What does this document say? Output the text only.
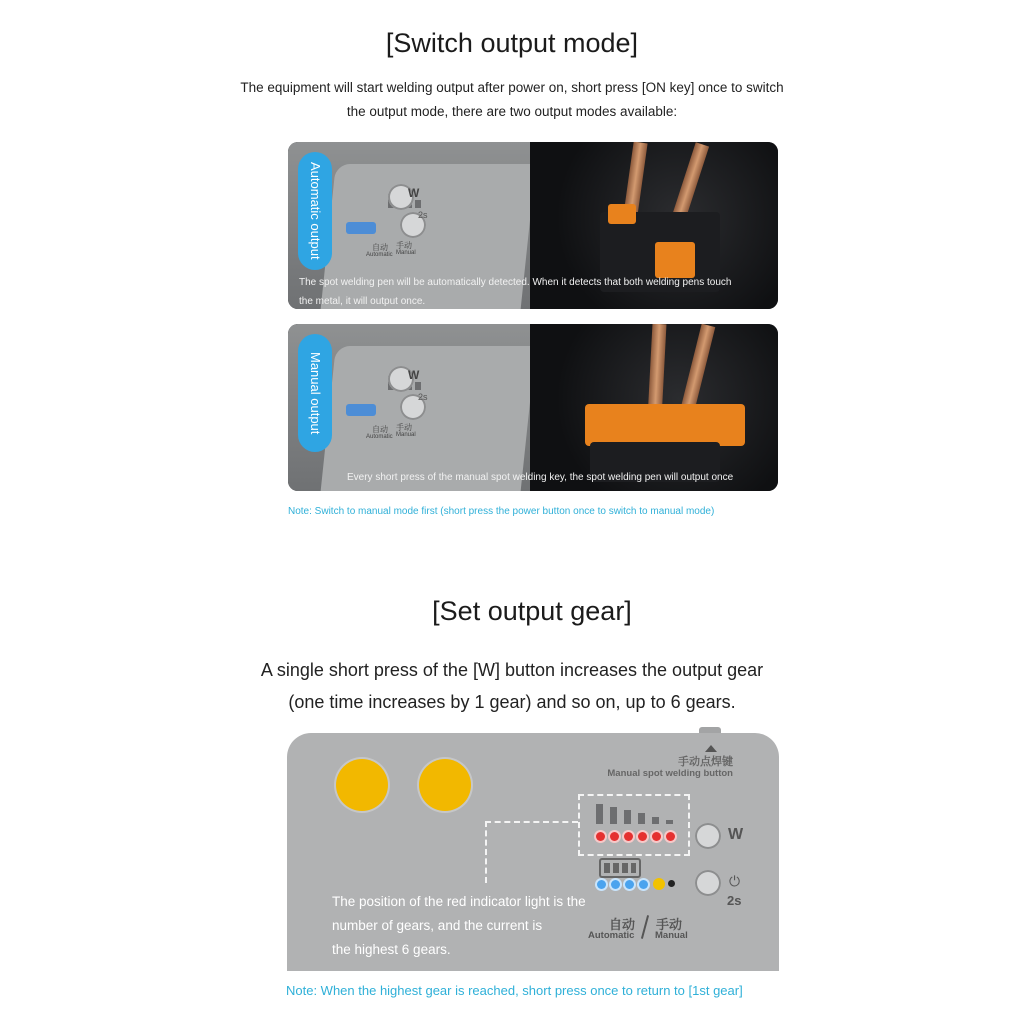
[Switch output mode]
The equipment will start welding output after power on, short press [ON key] once to switch
the output mode, there are two output modes available:
W
2s
自动 手动
Automatic Manual
Automatic output
The spot welding pen will be automatically detected. When it detects that both welding pens touch
the metal, it will output once.
W
2s
自动 手动
Automatic Manual
Manual output
Every short press of the manual spot welding key, the spot welding pen will output once
Note: Switch to manual mode first (short press the power button once to switch to manual mode)
[Set output gear]
A single short press of the [W] button increases the output gear
(one time increases by 1 gear) and so on, up to 6 gears.
手动点焊键
Manual spot welding button
W
⏻
2s
自动 手动
Automatic Manual
The position of the red indicator light is the
number of gears, and the current is
the highest 6 gears.
Note: When the highest gear is reached, short press once to return to [1st gear]
